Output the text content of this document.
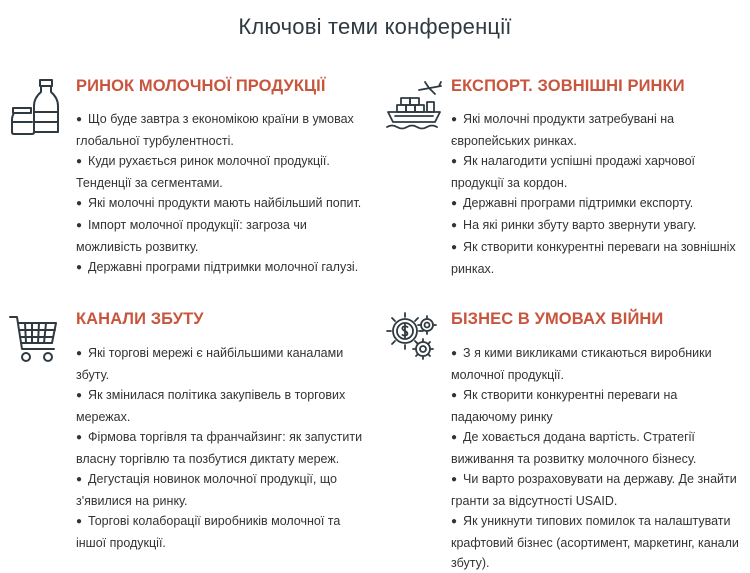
Ключові теми конференції
РИНОК МОЛОЧНОЇ ПРОДУКЦІЇ
● Що буде завтра з економікою країни в умовах
глобальної турбулентності.
● Куди рухається ринок молочної продукції.
Тенденції за сегментами.
● Які молочні продукти мають найбільший попит.
● Імпорт молочної продукції: загроза чи
можливість розвитку.
● Державні програми підтримки молочної галузі.
ЕКСПОРТ. ЗОВНІШНІ РИНКИ
● Які молочні продукти затребувані на
європейських ринках.
● Як налагодити успішні продажі харчової
продукції за кордон.
● Державні програми підтримки експорту.
● На які ринки збуту варто звернути увагу.
● Як створити конкурентні переваги на зовнішніх
ринках.
КАНАЛИ ЗБУТУ
● Які торгові мережі є найбільшими каналами
збуту.
● Як змінилася політика закупівель в торгових
мережах.
● Фірмова торгівля та франчайзинг: як запустити
власну торгівлю та позбутися диктату мереж.
● Дегустація новинок молочної продукції, що
з'явилися на ринку.
● Торгові колаборації виробників молочної та
іншої продукції.
БІЗНЕС В УМОВАХ ВІЙНИ
● З я кими викликами стикаються виробники
молочної продукції.
● Як створити конкурентні переваги на
падаючому ринку
● Де ховається додана вартість. Стратегії
виживання та розвитку молочного бізнесу.
● Чи варто розраховувати на державу. Де знайти
гранти за відсутності USAID.
● Як уникнути типових помилок та налаштувати
крафтовий бізнес (асортимент, маркетинг, канали
збуту).
